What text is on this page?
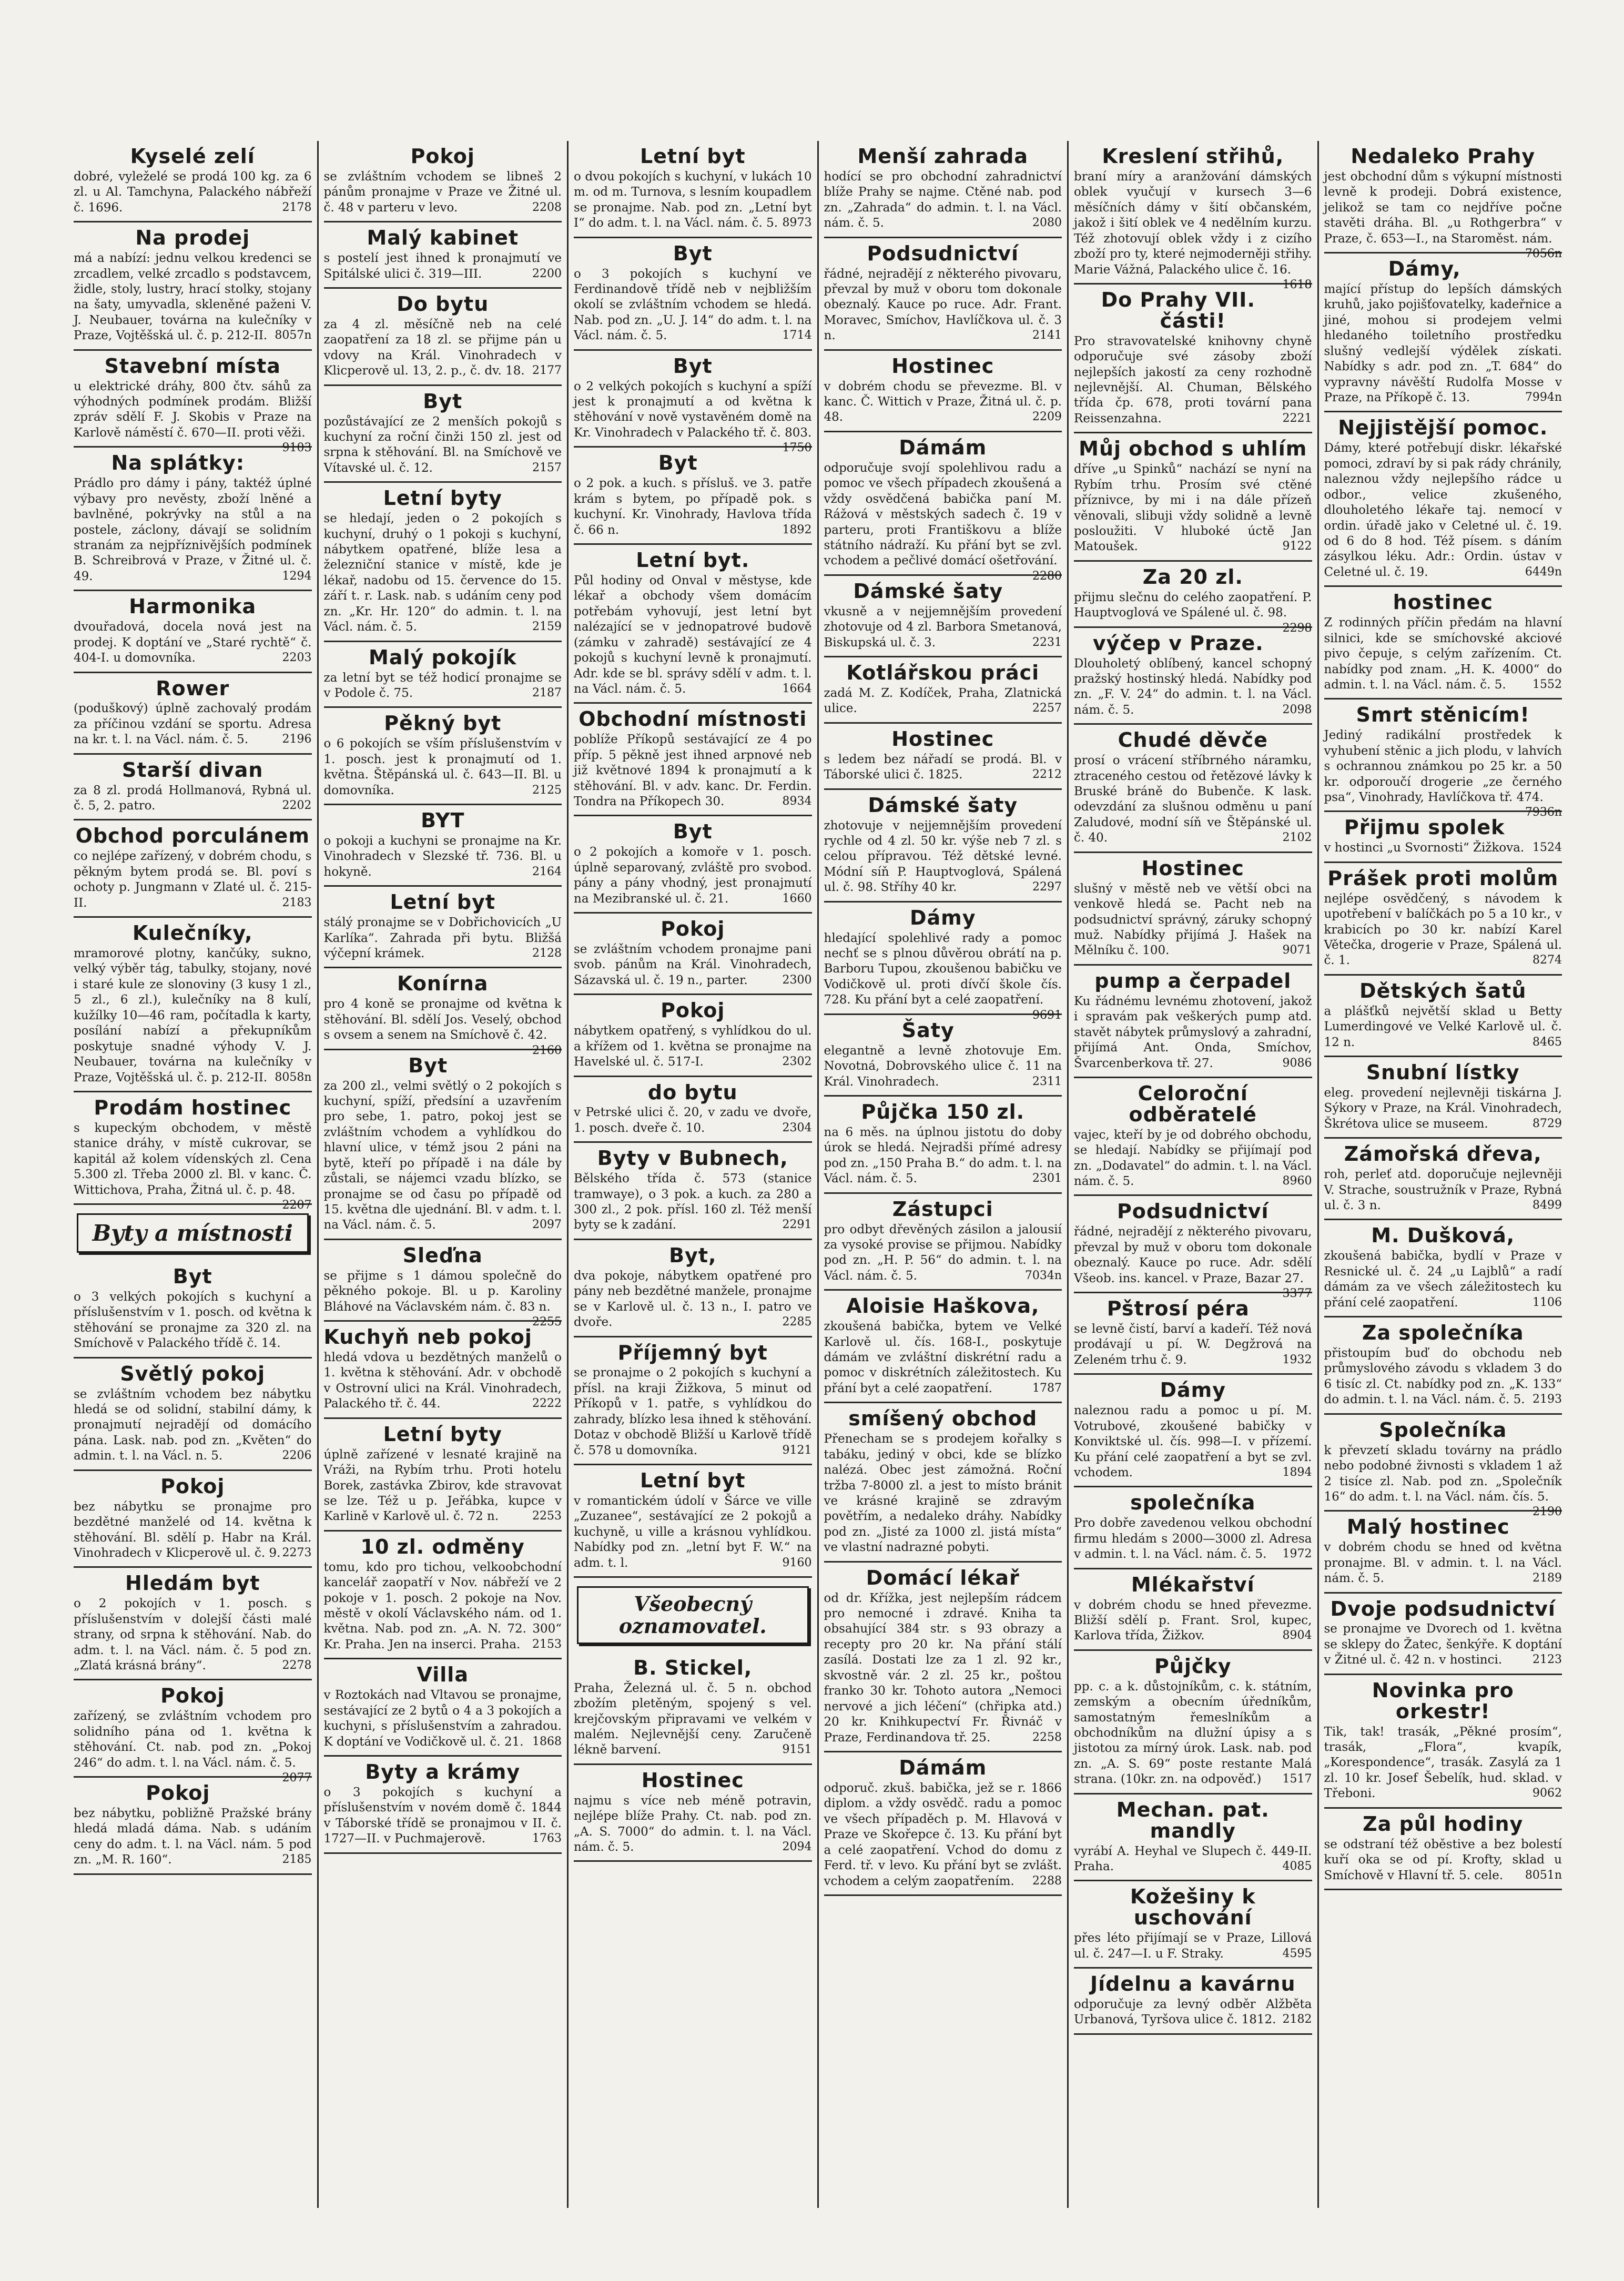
Kyselé zelí
dobré, vyleželé se prodá 100 kg. za 6 zl. u Al. Tamchyna, Palackého nábřeží č. 1696.	2178
Na prodej
má a nabízí: jednu velkou kredenci se zrcadlem, velké zrcadlo s podstavcem, židle, stoly, lustry, hrací stolky, stojany na šaty, umyvadla, skleněné paženi V. J. Neubauer, továrna na kulečníky v Praze, Vojtěšská ul. č. p. 212-II. 8057n
Stavební místa
u elektrické dráhy, 800 čtv. sáhů za výhodných podmínek prodám. Bližší zpráv sdělí F. J. Skobis v Praze na Karlově náměstí č. 670—II. proti věži.
9103
Na splátky:
Prádlo pro dámy i pány, taktéž úplné výbavy pro nevěsty, zboží lněné a bavlněné, pokrývky na stůl a na postele, záclony, dávají se solidním stranám za nejpříznivějších podmínek B. Schreibrová v Praze, v Žitné ul. č. 49.	1294
Harmonika
dvouřadová, docela nová jest na prodej. K doptání ve „Staré rychtě“ č. 404-I. u domovníka.	2203
Rower
(poduškový) úplně zachovalý prodám za příčinou vzdání se sportu. Adresa na kr. t. l. na Václ. nám. č. 5.	2196
Starší divan
za 8 zl. prodá Hollmanová, Rybná ul. č. 5, 2. patro.	2202
Obchod porculánem
co nejlépe zařízený, v dobrém chodu, s pěkným bytem prodá se. Bl. poví s ochoty p. Jungmann v Zlaté ul. č. 215-II.	2183
Kulečníky,
mramorové plotny, kančúky, sukno, velký výběr tág, tabulky, stojany, nové i staré kule ze slonoviny (3 kusy 1 zl., 5 zl., 6 zl.), kulečníky na 8 kulí, kužílky 10—46 ram, počítadla k karty, posílání nabízí a překupníkům poskytuje snadné výhody V. J. Neubauer, továrna na kulečníky v Praze, Vojtěšská ul. č. p. 212-II. 8058n
Prodám hostinec
s kupeckým obchodem, v městě stanice dráhy, v místě cukrovar, se kapitál až kolem vídenských zl. Cena 5.300 zl. Třeba 2000 zl. Bl. v kanc. Č. Wittichova, Praha, Žitná ul. č. p. 48.
2207
Byty a místnosti
Byt
o 3 velkých pokojích s kuchyní a příslušenstvím v 1. posch. od května k stěhování se pronajme za 320 zl. na Smíchově v Palackého třídě č. 14.
Světlý pokoj
se zvláštním vchodem bez nábytku hledá se od solidní, stabilní dámy, k pronajmutí nejradějí od domácího pána. Lask. nab. pod zn. „Květen“ do admin. t. l. na Václ. n. 5.	2206
Pokoj
bez nábytku se pronajme pro bezdětné manželé od 14. května k stěhování. Bl. sdělí p. Habr na Král. Vinohradech v Klicperově ul. č. 9. 2273
Hledám byt
o 2 pokojích v 1. posch. s příslušenstvím v dolejší části malé strany, od srpna k stěhování. Nab. do adm. t. l. na Václ. nám. č. 5 pod zn. „Zlatá krásná brány“.	2278
Pokoj
zařízený, se zvláštním vchodem pro solidního pána od 1. května k stěhování. Ct. nab. pod zn. „Pokoj 246“ do adm. t. l. na Václ. nám. č. 5.
2077
Pokoj
bez nábytku, pobližně Pražské brány hledá mladá dáma. Nab. s udáním ceny do adm. t. l. na Václ. nám. 5 pod zn. „M. R. 160“.	2185
Pokoj
se zvláštním vchodem se libneš 2 pánům pronajme v Praze ve Žitné ul. č. 48 v parteru v levo.	2208
Malý kabinet
s postelí jest ihned k pronajmutí ve Spitálské ulici č. 319—III.	2200
Do bytu
za 4 zl. měsíčně neb na celé zaopatření za 18 zl. se přijme pán u vdovy na Král. Vinohradech v Klicperově ul. 13, 2. p., č. dv. 18. 2177
Byt
pozůstávající ze 2 menších pokojů s kuchyní za roční činži 150 zl. jest od srpna k stěhování. Bl. na Smíchově ve Vítavské ul. č. 12.	2157
Letní byty
se hledají, jeden o 2 pokojích s kuchyní, druhý o 1 pokoji s kuchyní, nábytkem opatřené, blíže lesa a železniční stanice v místě, kde je lékař, nadobu od 15. července do 15. září t. r. Lask. nab. s udáním ceny pod zn. „Kr. Hr. 120“ do admin. t. l. na Václ. nám. č. 5.	2159
Malý pokojík
za letní byt se též hodicí pronajme se v Podole č. 75.	2187
Pěkný byt
o 6 pokojích se vším příslušenstvím v 1. posch. jest k pronajmutí od 1. května. Štěpánská ul. č. 643—II. Bl. u domovníka.	2125
BYT
o pokoji a kuchyni se pronajme na Kr. Vinohradech v Slezské tř. 736. Bl. u hokyně.	2164
Letní byt
stálý pronajme se v Dobřichovicích „U Karlíka“. Zahrada při bytu. Bližšá výčepní krámek.	2128
Konírna
pro 4 koně se pronajme od května k stěhování. Bl. sdělí Jos. Veselý, obchod s ovsem a senem na Smíchově č. 42.
2160
Byt
za 200 zl., velmi světlý o 2 pokojích s kuchyní, spíží, předsíní a uzavřením pro sebe, 1. patro, pokoj jest se zvláštním vchodem a vyhlídkou do hlavní ulice, v témž jsou 2 páni na bytě, kteří po případě i na dále by zůstali, se nájemci vzadu blízko, se pronajme se od času po případě od 15. května dle ujednání. Bl. v adm. t. l. na Václ. nám. č. 5.	2097
Sleďna
se přijme s 1 dámou společně do pěkného pokoje. Bl. u p. Karoliny Bláhové na Václavském nám. č. 83 n.
2255
Kuchyň neb pokoj
hledá vdova u bezdětných manželů o 1. května k stěhování. Adr. v obchodě v Ostrovní ulici na Král. Vinohradech, Palackého tř. č. 44.	2222
Letní byty
úplně zařízené v lesnaté krajině na Vráži, na Rybím trhu. Proti hotelu Borek, zastávka Zbirov, kde stravovat se lze. Též u p. Jeřábka, kupce v Karlině v Karlově ul. č. 72 n.	2253
10 zl. odměny
tomu, kdo pro tichou, velkoobchodní kancelář zaopatří v Nov. nábřeží ve 2 pokoje v 1. posch. 2 pokoje na Nov. městě v okolí Václavského nám. od 1. května. Nab. pod zn. „A. N. 72. 300“ Kr. Praha. Jen na inserci. Praha. 2153
Villa
v Roztokách nad Vltavou se pronajme, sestávající ze 2 bytů o 4 a 3 pokojích a kuchyni, s příslušenstvím a zahradou. K doptání ve Vodičkově ul. č. 21. 1868
Byty a krámy
o 3 pokojích s kuchyní a příslušenstvím v novém domě č. 1844 v Táborské třídě se pronajmou v II. č. 1727—II. v Puchmajerově.	1763
Letní byt
o dvou pokojích s kuchyní, v lukách 10 m. od m. Turnova, s lesním koupadlem se pronajme. Nab. pod zn. „Letní byt I“ do adm. t. l. na Václ. nám. č. 5. 8973
Byt
o 3 pokojích s kuchyní ve Ferdinandově třídě neb v nejbližším okolí se zvláštním vchodem se hledá. Nab. pod zn. „U. J. 14“ do adm. t. l. na Václ. nám. č. 5.	1714
Byt
o 2 velkých pokojích s kuchyní a spíží jest k pronajmutí a od května k stěhování v nově vystavěném domě na Kr. Vinohradech v Palackého tř. č. 803.
1750
Byt
o 2 pok. a kuch. s přísluš. ve 3. patře krám s bytem, po případě pok. s kuchyní. Kr. Vinohrady, Havlova třída č. 66 n.	1892
Letní byt.
Půl hodiny od Onval v městyse, kde lékař a obchody všem domácím potřebám vyhovují, jest letní byt nalézající se v jednopatrové budově (zámku v zahradě) sestávající ze 4 pokojů s kuchyní levně k pronajmutí. Adr. kde se bl. správy sdělí v adm. t. l. na Václ. nám. č. 5.	1664
Obchodní místnosti
poblíže Příkopů sestávající ze 4 po příp. 5 pěkně jest ihned arpnové neb již květnové 1894 k pronajmutí a k stěhování. Bl. v adv. kanc. Dr. Ferdin. Tondra na Příkopech 30.	8934
Byt
o 2 pokojích a komoře v 1. posch. úplně separovaný, zvláště pro svobod. pány a pány vhodný, jest pronajmutí na Mezibranské ul. č. 21.	1660
Pokoj
se zvláštním vchodem pronajme pani svob. pánům na Král. Vinohradech, Sázavská ul. č. 19 n., parter.	2300
Pokoj
nábytkem opatřený, s vyhlídkou do ul. a křížem od 1. května se pronajme na Havelské ul. č. 517-I.	2302
do bytu
v Petrské ulici č. 20, v zadu ve dvoře, 1. posch. dveře č. 10.	2304
Byty v Bubnech,
Bělského třída č. 573 (stanice tramwaye), o 3 pok. a kuch. za 280 a 300 zl., 2 pok. přísl. 160 zl. Též menší byty se k zadání.	2291
Byt,
dva pokoje, nábytkem opatřené pro pány neb bezdětné manžele, pronajme se v Karlově ul. č. 13 n., I. patro ve dvoře.	2285
Příjemný byt
se pronajme o 2 pokojích s kuchyní a přísl. na kraji Žižkova, 5 minut od Příkopů v 1. patře, s vyhlídkou do zahrady, blízko lesa ihned k stěhování. Dotaz v obchodě Bližší u Karlově třídě č. 578 u domovníka.	9121
Letní byt
v romantickém údolí v Šárce ve ville „Zuzanee“, sestávající ze 2 pokojů a kuchyně, u ville a krásnou vyhlídkou. Nabídky pod zn. „letní byt F. W.“ na adm. t. l.	9160
Všeobecný oznamovatel.
B. Stickel,
Praha, Železná ul. č. 5 n. obchod zbožím pletěným, spojený s vel. krejčovským připravami ve velkém v malém. Nejlevnější ceny. Zaručeně lékně barvení.	9151
Hostinec
najmu s více neb méně potravin, nejlépe blíže Prahy. Ct. nab. pod zn. „A. S. 7000“ do admin. t. l. na Václ. nám. č. 5.	2094
Menší zahrada
hodící se pro obchodní zahradnictví blíže Prahy se najme. Ctěné nab. pod zn. „Zahrada“ do admin. t. l. na Václ. nám. č. 5.	2080
Podsudnictví
řádné, nejradějí z některého pivovaru, převzal by muž v oboru tom dokonale obeznalý. Kauce po ruce. Adr. Frant. Moravec, Smíchov, Havlíčkova ul. č. 3 n.	2141
Hostinec
v dobrém chodu se převezme. Bl. v kanc. Č. Wittich v Praze, Žitná ul. č. p. 48.	2209
Dámám
odporučuje svojí spolehlivou radu a pomoc ve všech případech zkoušená a vždy osvědčená babička paní M. Rážová v městských sadech č. 19 v parteru, proti Františkovu a blíže státního nádraží. Ku přání byt se zvl. vchodem a pečlivé domácí ošetřování.
2280
Dámské šaty
vkusně a v nejjemnějším provedení zhotovuje od 4 zl. Barbora Smetanová, Biskupská ul. č. 3.	2231
Kotlářskou práci
zadá M. Z. Kodíček, Praha, Zlatnická ulice.	2257
Hostinec
s ledem bez nářadí se prodá. Bl. v Táborské ulici č. 1825.	2212
Dámské šaty
zhotovuje v nejjemnějším provedení rychle od 4 zl. 50 kr. výše neb 7 zl. s celou přípravou. Též dětské levné. Módní síň P. Hauptvoglová, Spálená ul. č. 98. Stříhy 40 kr.	2297
Dámy
hledající spolehlivé rady a pomoc nechť se s plnou důvěrou obrátí na p. Barboru Tupou, zkoušenou babičku ve Vodičkově ul. proti dívčí škole čís. 728. Ku přání byt a celé zaopatření.
9691
Šaty
elegantně a levně zhotovuje Em. Novotná, Dobrovského ulice č. 11 na Král. Vinohradech.	2311
Půjčka 150 zl.
na 6 měs. na úplnou jistotu do doby úrok se hledá. Nejradši přímé adresy pod zn. „150 Praha B.“ do adm. t. l. na Václ. nám. č. 5.	2301
Zástupci
pro odbyt dřevěných zásilon a jalousií za vysoké provise se přijmou. Nabídky pod zn. „H. P. 56“ do admin. t. l. na Václ. nám. č. 5.	7034n
Aloisie Haškova,
zkoušená babička, bytem ve Velké Karlově ul. čís. 168-I., poskytuje dámám ve zvláštní diskrétní radu a pomoc v diskrétních záležitostech. Ku přání byt a celé zaopatření.	1787
smíšený obchod
Přenecham se s prodejem kořalky s tabáku, jediný v obci, kde se blízko nalézá. Obec jest zámožná. Roční tržba 7-8000 zl. a jest to místo bránit ve krásné krajině se zdravým povětřím, a nedaleko dráhy. Nabídky pod zn. „Jisté za 1000 zl. jistá místa“ ve vlastní nadrazné pobyti.
Domácí lékař
od dr. Křížka, jest nejlepším rádcem pro nemocné i zdravé. Kniha ta obsahující 384 str. s 93 obrazy a recepty pro 20 kr. Na přání stálí zasílá. Dostati lze za 1 zl. 92 kr., skvostně vár. 2 zl. 25 kr., poštou franko 30 kr. Tohoto autora „Nemoci nervové a jich léčení“ (chřipka atd.) 20 kr. Knihkupectví Fr. Řivnáč v Praze, Ferdinandova tř. 25.	2258
Dámám
odporuč. zkuš. babička, jež se r. 1866 diplom. a vždy osvědč. radu a pomoc ve všech případěch p. M. Hlavová v Praze ve Skořepce č. 13. Ku přání byt a celé zaopatření. Vchod do domu z Ferd. tř. v levo. Ku přání byt se zvlášt. vchodem a celým zaopatřením. 2288
Kreslení střihů,
braní míry a aranžování dámských oblek vyučují v kursech 3—6 měsíčních dámy v šití občanském, jakož i šití oblek ve 4 nedělním kurzu. Též zhotovují oblek vždy i z cizího zboží pro ty, které nejmoderněji střihy. Marie Vážná, Palackého ulice č. 16.
1618
Do Prahy VII. části!
Pro stravovatelské knihovny chyně odporučuje své zásoby zboží nejlepších jakostí za ceny rozhodně nejlevnější. Al. Chuman, Bělského třída čp. 678, proti tovární pana Reissenzahna.	2221
Můj obchod s uhlím
dříve „u Spinků“ nachází se nyní na Rybím trhu. Prosím své ctěné příznivce, by mi i na dále přízeň věnovali, slibuji vždy solidně a levně posloužiti. V hluboké úctě Jan Matoušek.	9122
Za 20 zl.
přijmu slečnu do celého zaopatření. P. Hauptvoglová ve Spálené ul. č. 98.
2298
výčep v Praze.
Dlouholetý oblíbený, kancel schopný pražský hostinský hledá. Nabídky pod zn. „F. V. 24“ do admin. t. l. na Václ. nám. č. 5.	2098
Chudé děvče
prosí o vrácení stříbrného náramku, ztraceného cestou od řetězové lávky k Bruské bráně do Bubenče. K lask. odevzdání za slušnou odměnu u paní Zaludové, modní síň ve Štěpánské ul. č. 40.	2102
Hostinec
slušný v městě neb ve větší obci na venkově hledá se. Pacht neb na podsudnictví správný, záruky schopný muž. Nabídky přijímá J. Hašek na Mělníku č. 100.	9071
pump a čerpadel
Ku řádnému levnému zhotovení, jakož i spravám pak veškerých pump atd. stavět nábytek průmyslový a zahradní, přijímá Ant. Onda, Smíchov, Švarcenberkova tř. 27.	9086
Celoroční odběratelé
vajec, kteří by je od dobrého obchodu, se hledají. Nabídky se přijímají pod zn. „Dodavatel“ do admin. t. l. na Václ. nám. č. 5.	8960
Podsudnictví
řádné, nejradějí z některého pivovaru, převzal by muž v oboru tom dokonale obeznalý. Kauce po ruce. Adr. sdělí Všeob. ins. kancel. v Praze, Bazar 27.
3377
Pštrosí péra
se levně čistí, barví a kadeří. Též nová prodávají u pí. W. Degžrová na Zeleném trhu č. 9.	1932
Dámy
naleznou radu a pomoc u pí. M. Votrubové, zkoušené babičky v Konviktské ul. čís. 998—I. v přízemí. Ku přání celé zaopatření a byt se zvl. vchodem.	1894
společníka
Pro dobře zavedenou velkou obchodní firmu hledám s 2000—3000 zl. Adresa v admin. t. l. na Václ. nám. č. 5. 1972
Mlékařství
v dobrém chodu se hned převezme. Bližší sdělí p. Frant. Srol, kupec, Karlova třída, Žižkov.	8904
Půjčky
pp. c. a k. důstojníkům, c. k. státním, zemským a obecním úředníkům, samostatným řemeslníkům a obchodníkům na dlužní úpisy a s jistotou za mírný úrok. Lask. nab. pod zn. „A. S. 69“ poste restante Malá strana. (10kr. zn. na odpověď.) 1517
Mechan. pat. mandly
vyrábí A. Heyhal ve Slupech č. 449-II. Praha.	4085
Kožešiny k uschování
přes léto přijímají se v Praze, Lillová ul. č. 247—I. u F. Straky.	4595
Jídelnu a kavárnu
odporučuje za levný odběr Alžběta Urbanová, Tyršova ulice č. 1812. 2182
Nedaleko Prahy
jest obchodní dům s výkupní místnosti levně k prodeji. Dobrá existence, jelikož se tam co nejdříve počne stavěti dráha. Bl. „u Rothgerbra“ v Praze, č. 653—I., na Staroměst. nám.
7056n
Dámy,
mající přístup do lepších dámských kruhů, jako pojišťovatelky, kadeřnice a jiné, mohou si prodejem velmi hledaného toiletního prostředku slušný vedlejší výdělek získati. Nabídky s adr. pod zn. „T. 684“ do vypravny návěští Rudolfa Mosse v Praze, na Příkopě č. 13.	7994n
Nejjistější pomoc.
Dámy, které potřebují diskr. lékařské pomoci, zdraví by si pak rády chránily, naleznou vždy nejlepšího rádce u odbor., velice zkušeného, dlouholetého lékaře taj. nemocí v ordin. úřadě jako v Celetné ul. č. 19. od 6 do 8 hod. Též písem. s dáním zásylkou léku. Adr.: Ordin. ústav v Celetné ul. č. 19.	6449n
hostinec
Z rodinných příčin předám na hlavní silnici, kde se smíchovské akciové pivo čepuje, s celým zařízením. Ct. nabídky pod znam. „H. K. 4000“ do admin. t. l. na Václ. nám. č. 5. 1552
Smrt stěnicím!
Jediný radikální prostředek k vyhubení stěnic a jich plodu, v lahvích s ochrannou známkou po 25 kr. a 50 kr. odporoučí drogerie „ze černého psa“, Vinohrady, Havlíčkova tř. 474.
7936n
Přijmu spolek
v hostinci „u Svornosti“ Žižkova. 1524
Prášek proti molům
nejlépe osvědčený, s návodem k upotřebení v balíčkách po 5 a 10 kr., v krabicích po 30 kr. nabízí Karel Větečka, drogerie v Praze, Spálená ul. č. 1.	8274
Dětských šatů
a plášťků největší sklad u Betty Lumerdingové ve Velké Karlově ul. č. 12 n.	8465
Snubní lístky
eleg. provedení nejlevněji tiskárna J. Sýkory v Praze, na Král. Vinohradech, Škrétova ulice se museem.	8729
Zámořská dřeva,
roh, perleť atd. doporučuje nejlevněji V. Strache, soustružník v Praze, Rybná ul. č. 3 n.	8499
M. Dušková,
zkoušená babička, bydlí v Praze v Resnické ul. č. 24 „u Lajblů“ a radí dámám za ve všech záležitostech ku přání celé zaopatření.	1106
Za společníka
přistoupím buď do obchodu neb průmyslového závodu s vkladem 3 do 6 tisíc zl. Ct. nabídky pod zn. „K. 133“ do admin. t. l. na Václ. nám. č. 5. 2193
Společníka
k převzetí skladu továrny na prádlo nebo podobné živnosti s vkladem 1 až 2 tisíce zl. Nab. pod zn. „Společník 16“ do adm. t. l. na Václ. nám. čís. 5.
2190
Malý hostinec
v dobrém chodu se hned od května pronajme. Bl. v admin. t. l. na Václ. nám. č. 5.	2189
Dvoje podsudnictví
se pronajme ve Dvorech od 1. května se sklepy do Žatec, šenkýře. K doptání v Žitné ul. č. 42 n. v hostinci.	2123
Novinka pro orkestr!
Tik, tak! trasák, „Pěkné prosím“, trasák, „Flora“, kvapík, „Korespondence“, trasák. Zasylá za 1 zl. 10 kr. Josef Šebelík, hud. sklad. v Třeboni.	9062
Za půl hodiny
se odstraní též oběstive a bez bolestí kuří oka se od pí. Krofty, sklad u Smíchově v Hlavní tř. 5. cele. 8051n
